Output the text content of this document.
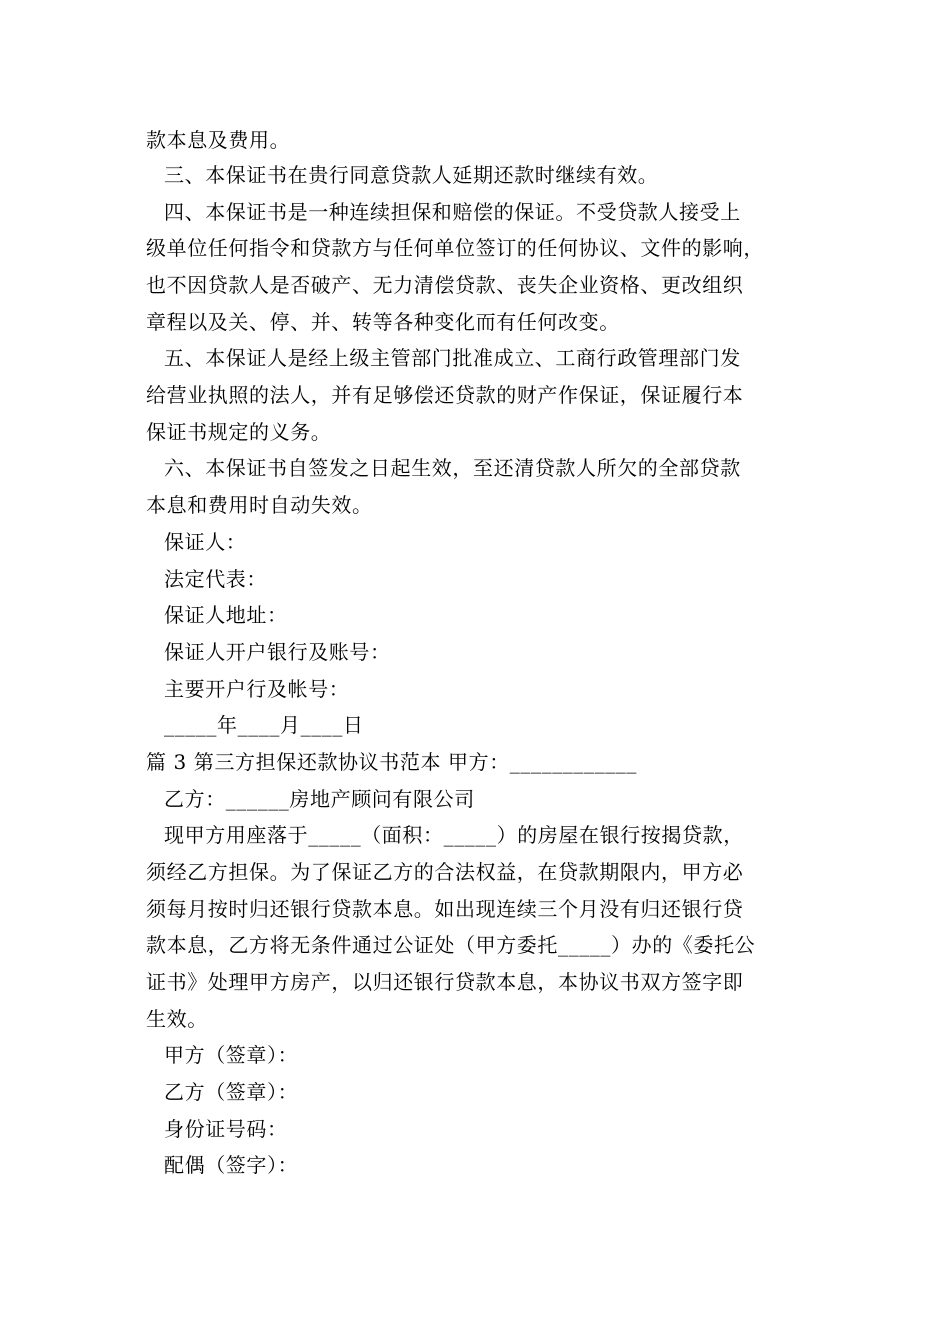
款本息及费用。
三、本保证书在贵行同意贷款人延期还款时继续有效。
四、本保证书是一种连续担保和赔偿的保证。不受贷款人接受上
级单位任何指令和贷款方与任何单位签订的任何协议、文件的影响，
也不因贷款人是否破产、无力清偿贷款、丧失企业资格、更改组织
章程以及关、停、并、转等各种变化而有任何改变。
五、本保证人是经上级主管部门批准成立、工商行政管理部门发
给营业执照的法人，并有足够偿还贷款的财产作保证，保证履行本
保证书规定的义务。
六、本保证书自签发之日起生效，至还清贷款人所欠的全部贷款
本息和费用时自动失效。
保证人：
法定代表：
保证人地址：
保证人开户银行及账号：
主要开户行及帐号：
_____年____月____日
篇 3 第三方担保还款协议书范本 甲方：____________
乙方：______房地产顾问有限公司
现甲方用座落于_____（面积：_____）的房屋在银行按揭贷款，
须经乙方担保。为了保证乙方的合法权益，在贷款期限内，甲方必
须每月按时归还银行贷款本息。如出现连续三个月没有归还银行贷
款本息，乙方将无条件通过公证处（甲方委托_____）办的《委托公
证书》处理甲方房产，以归还银行贷款本息，本协议书双方签字即
生效。
甲方（签章）：
乙方（签章）：
身份证号码：
配偶（签字）：
